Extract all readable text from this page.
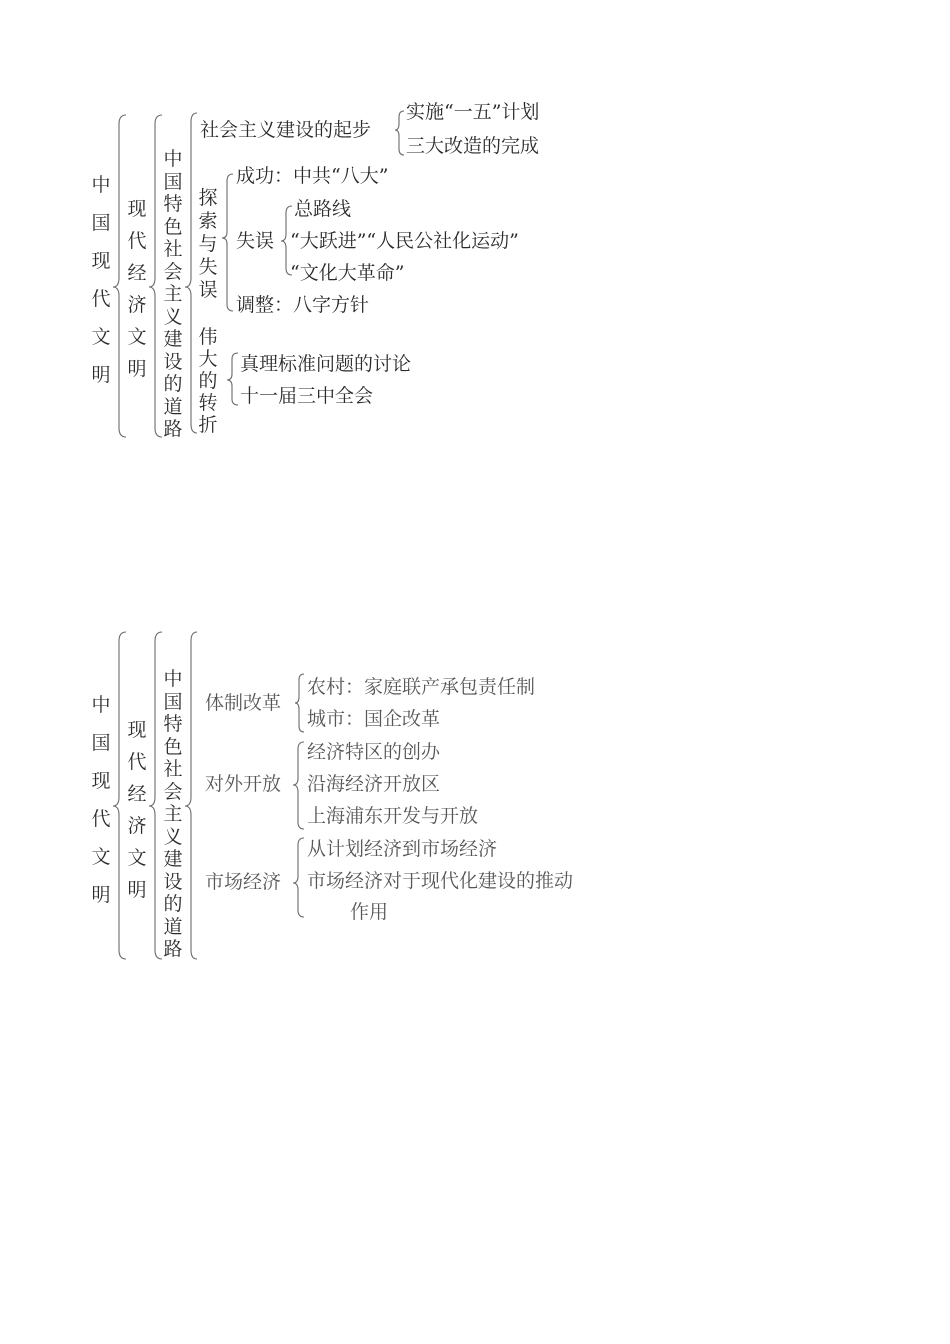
中国现代文明
现代经济文明
中国特色社会主义建设的道路
社会主义建设的起步
实施“一五”计划
三大改造的完成
探索与失误
成功：中共“八大”
失误
总路线
“大跃进”“人民公社化运动”
“文化大革命”
调整：八字方针
伟大的转折
真理标准问题的讨论
十一届三中全会
中国现代文明
现代经济文明
中国特色社会主义建设的道路
体制改革
农村：家庭联产承包责任制
城市：国企改革
对外开放
经济特区的创办
沿海经济开放区
上海浦东开发与开放
市场经济
从计划经济到市场经济
市场经济对于现代化建设的推动
作用
